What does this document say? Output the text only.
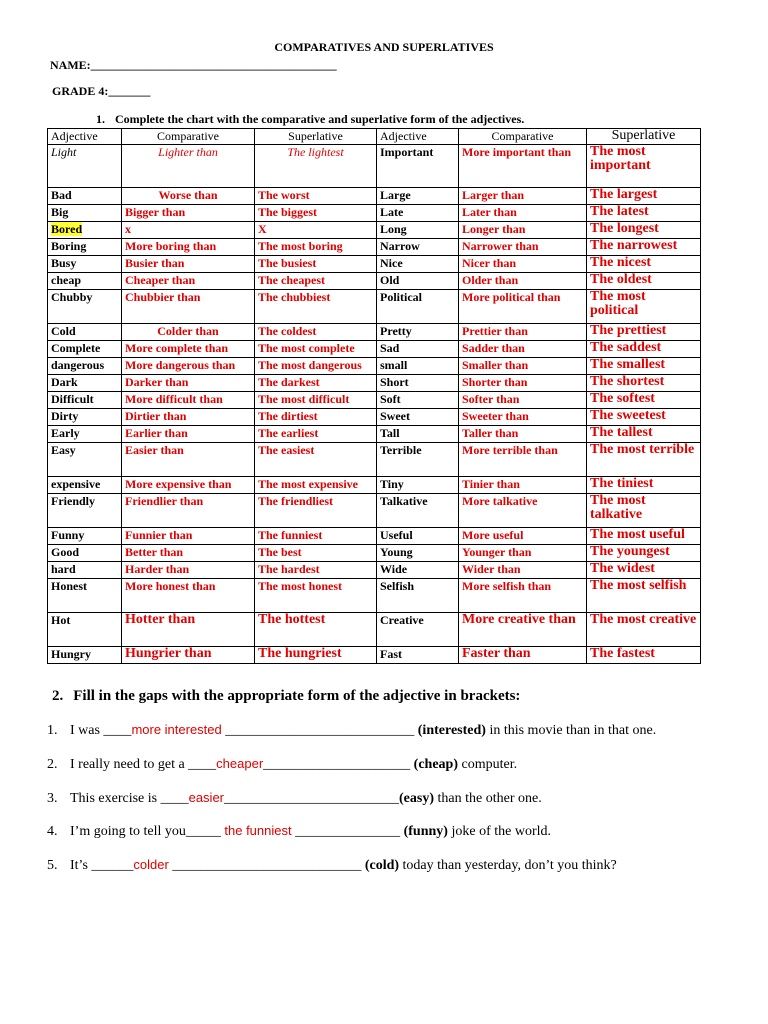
COMPARATIVES AND SUPERLATIVES
NAME:_________________________________________
GRADE 4:_______
1. Complete the chart with the comparative and superlative form of the adjectives.
Adjective	Comparative	Superlative	Adjective	Comparative	Superlative
Light	Lighter than	The lightest	Important	More important than	The most important
Bad	Worse than	The worst	Large	Larger than	The largest
Big	Bigger than	The biggest	Late	Later than	The latest
Bored	x	X	Long	Longer than	The longest
Boring	More boring than	The most boring	Narrow	Narrower than	The narrowest
Busy	Busier than	The busiest	Nice	Nicer than	The nicest
cheap	Cheaper than	The cheapest	Old	Older than	The oldest
Chubby	Chubbier than	The chubbiest	Political	More political than	The most political
Cold	Colder than	The coldest	Pretty	Prettier than	The prettiest
Complete	More complete than	The most complete	Sad	Sadder than	The saddest
dangerous	More dangerous than	The most dangerous	small	Smaller than	The smallest
Dark	Darker than	The darkest	Short	Shorter than	The shortest
Difficult	More difficult than	The most difficult	Soft	Softer than	The softest
Dirty	Dirtier than	The dirtiest	Sweet	Sweeter than	The sweetest
Early	Earlier than	The earliest	Tall	Taller than	The tallest
Easy	Easier than	The easiest	Terrible	More terrible than	The most terrible
expensive	More expensive than	The most expensive	Tiny	Tinier than	The tiniest
Friendly	Friendlier than	The friendliest	Talkative	More talkative	The most talkative
Funny	Funnier than	The funniest	Useful	More useful	The most useful
Good	Better than	The best	Young	Younger than	The youngest
hard	Harder than	The hardest	Wide	Wider than	The widest
Honest	More honest than	The most honest	Selfish	More selfish than	The most selfish
Hot	Hotter than	The hottest	Creative	More creative than	The most creative
Hungry	Hungrier than	The hungriest	Fast	Faster than	The fastest
2. Fill in the gaps with the appropriate form of the adjective in brackets:
1. I was ____more interested ___________________________ (interested) in this movie than in that one.
2. I really need to get a ____cheaper_____________________ (cheap) computer.
3. This exercise is ____easier_________________________(easy) than the other one.
4. I’m going to tell you_____ the funniest _______________ (funny) joke of the world.
5. It’s ______colder ___________________________ (cold) today than yesterday, don’t you think?
